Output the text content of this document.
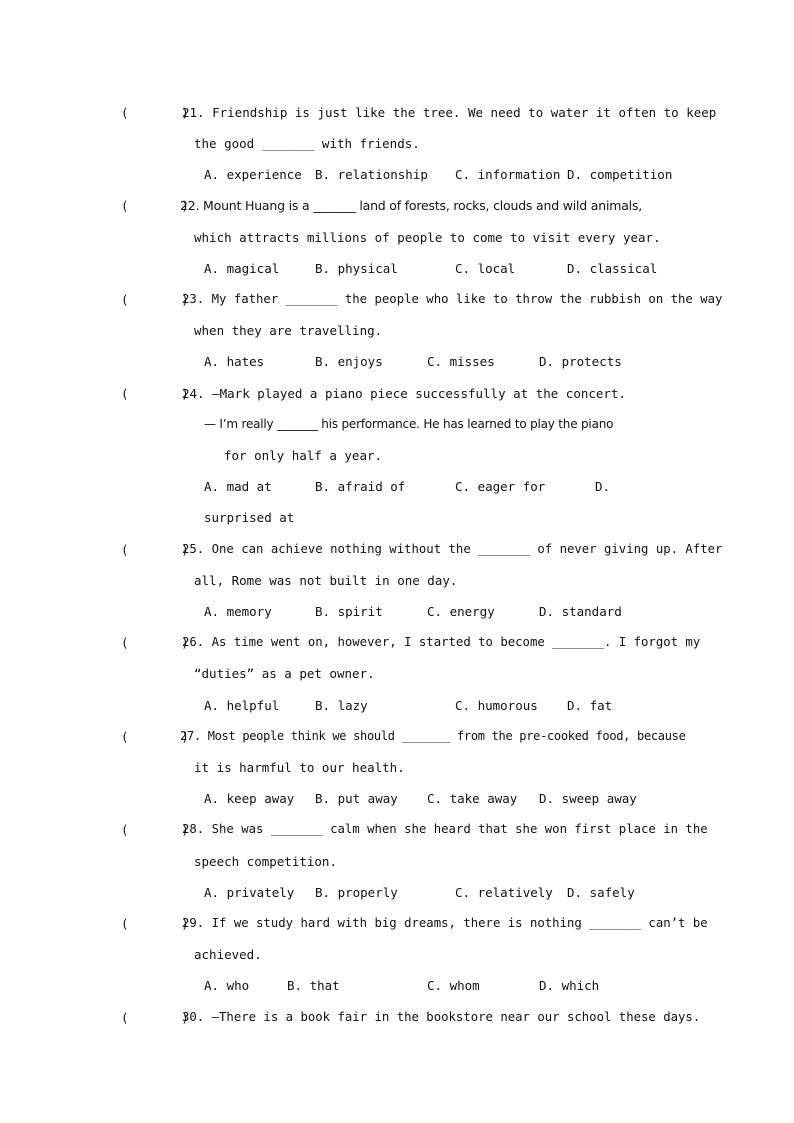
(       )
21. Friendship is just like the tree. We need to water it often to keep
the good _______ with friends.
A. experience B. relationship C. information D. competition
(       )
22. Mount Huang is a _______ land of forests, rocks, clouds and wild animals,
which attracts millions of people to come to visit every year.
A. magical	B. physical	C. local	D. classical
(       )
23. My father _______ the people who like to throw the rubbish on the way
when they are travelling.
A. hates	B. enjoys	C. misses	D. protects
(       )
24. —Mark played a piano piece successfully at the concert.
— I’m really _______ his performance. He has learned to play the piano
for only half a year.
A. mad at	B. afraid of	C. eager for	D.
surprised at
(       )
25. One can achieve nothing without the _______ of never giving up. After
all, Rome was not built in one day.
A. memory	B. spirit	C. energy	D. standard
(       )
26. As time went on, however, I started to become _______. I forgot my
“duties” as a pet owner.
A. helpful	B. lazy	C. humorous D. fat
(       )
27. Most people think we should _______ from the pre-cooked food, because
it is harmful to our health.
A. keep away B. put away C. take away D. sweep away
(       )
28. She was _______ calm when she heard that she won first place in the
speech competition.
A. privately B. properly	C. relatively D. safely
(       )
29. If we study hard with big dreams, there is nothing _______ can’t be
achieved.
A. who	B. that	C. whom	D. which
(       )
30. —There is a book fair in the bookstore near our school these days.
